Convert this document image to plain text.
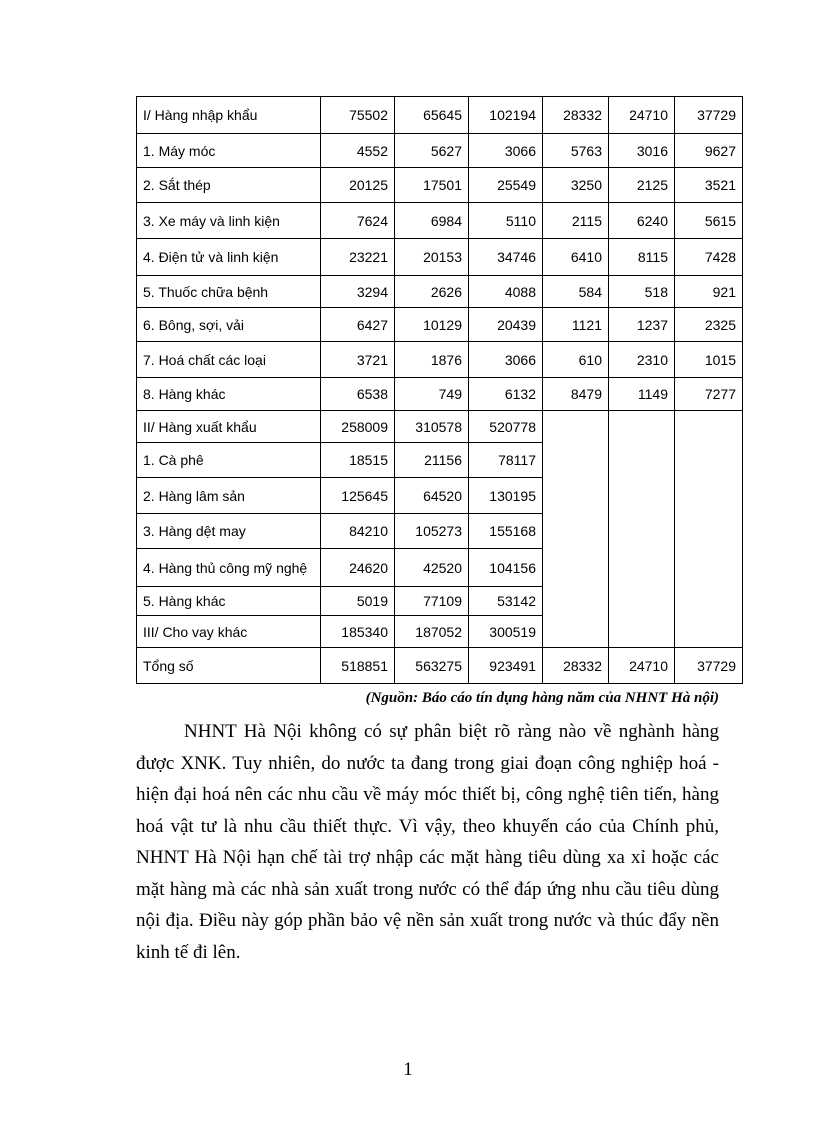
I/ Hàng nhập khẩu	75502	65645	102194	28332	24710	37729
1. Máy móc	4552	5627	3066	5763	3016	9627
2. Sắt thép	20125	17501	25549	3250	2125	3521
3. Xe máy và linh kiện	7624	6984	5110	2115	6240	5615
4. Điện tử và linh kiện	23221	20153	34746	6410	8115	7428
5. Thuốc chữa bệnh	3294	2626	4088	584	518	921
6. Bông, sợi, vải	6427	10129	20439	1121	1237	2325
7. Hoá chất các loại	3721	1876	3066	610	2310	1015
8. Hàng khác	6538	749	6132	8479	1149	7277
II/ Hàng xuất khẩu	258009	310578	520778			
1. Cà phê	18515	21156	78117			
2. Hàng lâm sản	125645	64520	130195			
3. Hàng dệt may	84210	105273	155168			
4. Hàng thủ công mỹ nghệ	24620	42520	104156			
5. Hàng khác	5019	77109	53142			
III/ Cho vay khác	185340	187052	300519			
Tổng số	518851	563275	923491	28332	24710	37729
(Nguồn: Báo cáo tín dụng hàng năm của NHNT Hà nội)

NHNT Hà Nội không có sự phân biệt rõ ràng nào về nghành hàng được XNK. Tuy nhiên, do nước ta đang trong giai đoạn công nghiệp hoá - hiện đại hoá nên các nhu cầu về máy móc thiết bị, công nghệ tiên tiến, hàng hoá vật tư là nhu cầu thiết thực. Vì vậy, theo khuyến cáo của Chính phủ, NHNT Hà Nội hạn chế tài trợ nhập các mặt hàng tiêu dùng xa xỉ hoặc các mặt hàng mà các nhà sản xuất trong nước có thể đáp ứng nhu cầu tiêu dùng nội địa. Điều này góp phần bảo vệ nền sản xuất trong nước và thúc đẩy nền kinh tế đi lên.

1
